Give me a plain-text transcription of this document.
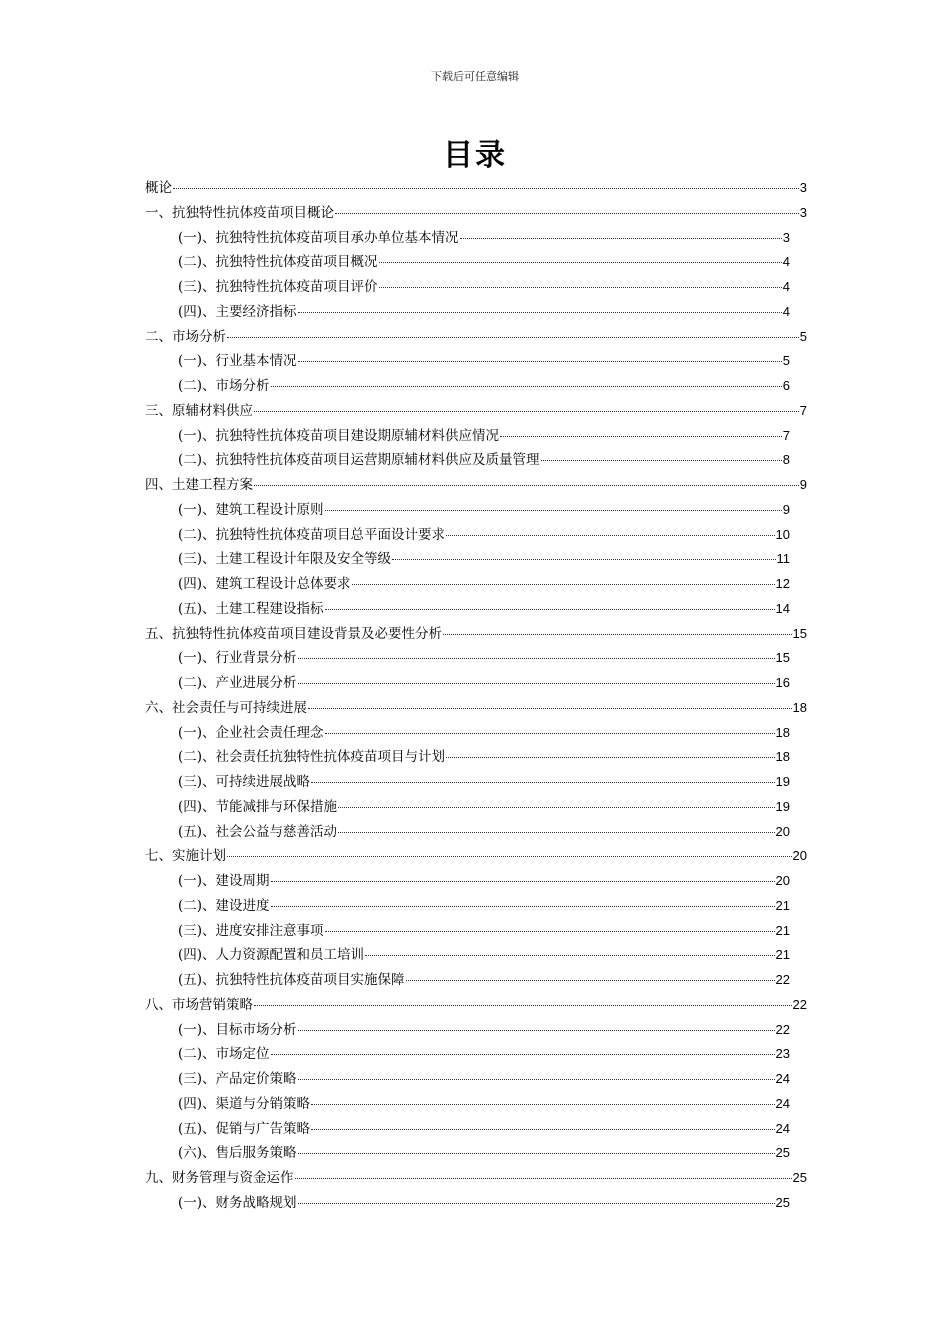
下载后可任意编辑
目录
概论	3
一、抗独特性抗体疫苗项目概论	3
(一)、抗独特性抗体疫苗项目承办单位基本情况	3
(二)、抗独特性抗体疫苗项目概况	4
(三)、抗独特性抗体疫苗项目评价	4
(四)、主要经济指标	4
二、市场分析	5
(一)、行业基本情况	5
(二)、市场分析	6
三、原辅材料供应	7
(一)、抗独特性抗体疫苗项目建设期原辅材料供应情况	7
(二)、抗独特性抗体疫苗项目运营期原辅材料供应及质量管理	8
四、土建工程方案	9
(一)、建筑工程设计原则	9
(二)、抗独特性抗体疫苗项目总平面设计要求	10
(三)、土建工程设计年限及安全等级	11
(四)、建筑工程设计总体要求	12
(五)、土建工程建设指标	14
五、抗独特性抗体疫苗项目建设背景及必要性分析	15
(一)、行业背景分析	15
(二)、产业进展分析	16
六、社会责任与可持续进展	18
(一)、企业社会责任理念	18
(二)、社会责任抗独特性抗体疫苗项目与计划	18
(三)、可持续进展战略	19
(四)、节能减排与环保措施	19
(五)、社会公益与慈善活动	20
七、实施计划	20
(一)、建设周期	20
(二)、建设进度	21
(三)、进度安排注意事项	21
(四)、人力资源配置和员工培训	21
(五)、抗独特性抗体疫苗项目实施保障	22
八、市场营销策略	22
(一)、目标市场分析	22
(二)、市场定位	23
(三)、产品定价策略	24
(四)、渠道与分销策略	24
(五)、促销与广告策略	24
(六)、售后服务策略	25
九、财务管理与资金运作	25
(一)、财务战略规划	25
